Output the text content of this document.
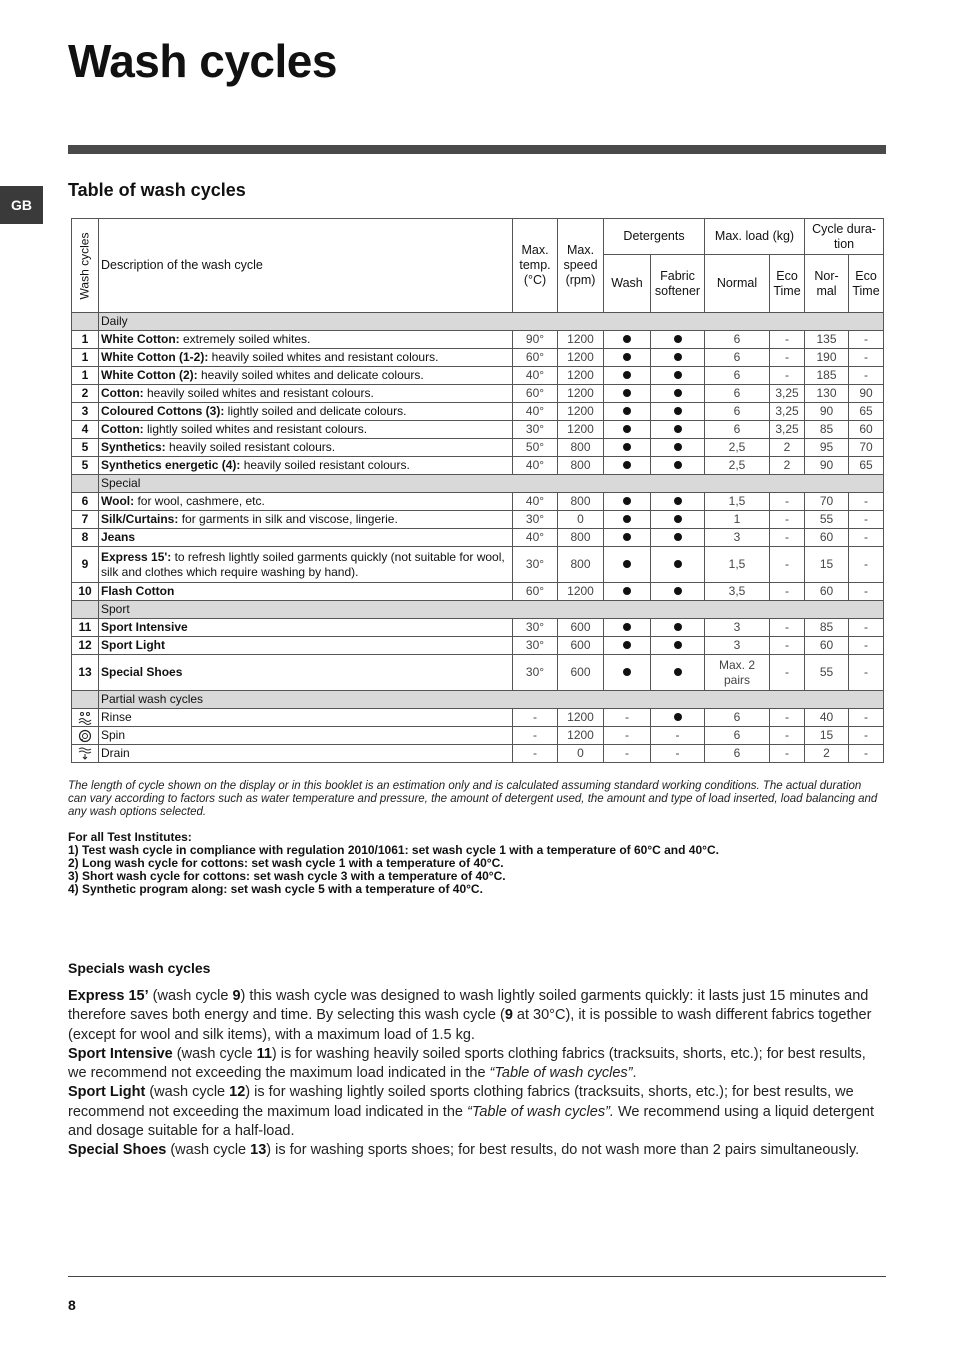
Wash cycles
GB
Table of wash cycles
Wash cycles	Description of the wash cycle	Max. temp. (°C)	Max. speed (rpm)	Detergents		Max. load (kg)		Cycle dura- tion	
				Wash	Fabric softener	Normal	Eco Time	Nor- mal	Eco Time
	Daily								
1	White Cotton: extremely soiled whites.	90°	1200			6	-	135	-
1	White Cotton (1-2): heavily soiled whites and resistant colours.	60°	1200			6	-	190	-
1	White Cotton (2): heavily soiled whites and delicate colours.	40°	1200			6	-	185	-
2	Cotton: heavily soiled whites and resistant colours.	60°	1200			6	3,25	130	90
3	Coloured Cottons (3): lightly soiled and delicate colours.	40°	1200			6	3,25	90	65
4	Cotton: lightly soiled whites and resistant colours.	30°	1200			6	3,25	85	60
5	Synthetics: heavily soiled resistant colours.	50°	800			2,5	2	95	70
5	Synthetics energetic (4): heavily soiled resistant colours.	40°	800			2,5	2	90	65
	Special								
6	Wool: for wool, cashmere, etc.	40°	800			1,5	-	70	-
7	Silk/Curtains: for garments in silk and viscose, lingerie.	30°	0			1	-	55	-
8	Jeans	40°	800			3	-	60	-
9	Express 15': to refresh lightly soiled garments quickly (not suitable for wool, silk and clothes which require washing by hand).	30°	800			1,5	-	15	-
10	Flash Cotton	60°	1200			3,5	-	60	-
	Sport								
11	Sport Intensive	30°	600			3	-	85	-
12	Sport Light	30°	600			3	-	60	-
13	Special Shoes	30°	600			Max. 2 pairs	-	55	-
	Partial wash cycles								

	Rinse	-	1200	-		6	-	40	-

	Spin	-	1200	-	-	6	-	15	-

	Drain	-	0	-	-	6	-	2	-

The length of cycle shown on the display or in this booklet is an estimation only and is calculated assuming standard working conditions. The actual duration can vary according to factors such as water temperature and pressure, the amount of detergent used, the amount and type of load inserted, load balancing and any wash options selected.

For all Test Institutes:
1) Test wash cycle in compliance with regulation 2010/1061: set wash cycle 1 with a temperature of 60°C and 40°C.
2) Long wash cycle for cottons: set wash cycle 1 with a temperature of 40°C.
3) Short wash cycle for cottons: set wash cycle 3 with a temperature of 40°C.
4) Synthetic program along: set wash cycle 5 with a temperature of 40°C.
Specials wash cycles

Express 15’ (wash cycle 9) this wash cycle was designed to wash lightly soiled garments quickly: it lasts just 15 minutes and therefore saves both energy and time. By selecting this wash cycle (9 at 30°C), it is possible to wash different fabrics together (except for wool and silk items), with a maximum load of 1.5 kg.

Sport Intensive (wash cycle 11) is for washing heavily soiled sports clothing fabrics (tracksuits, shorts, etc.); for best results, we recommend not exceeding the maximum load indicated in the “Table of wash cycles”.

Sport Light (wash cycle 12) is for washing lightly soiled sports clothing fabrics (tracksuits, shorts, etc.); for best results, we recommend not exceeding the maximum load indicated in the “Table of wash cycles”. We recommend using a liquid detergent and dosage suitable for a half-load.

Special Shoes (wash cycle 13) is for washing sports shoes; for best results, do not wash more than 2 pairs simultaneously.

8
